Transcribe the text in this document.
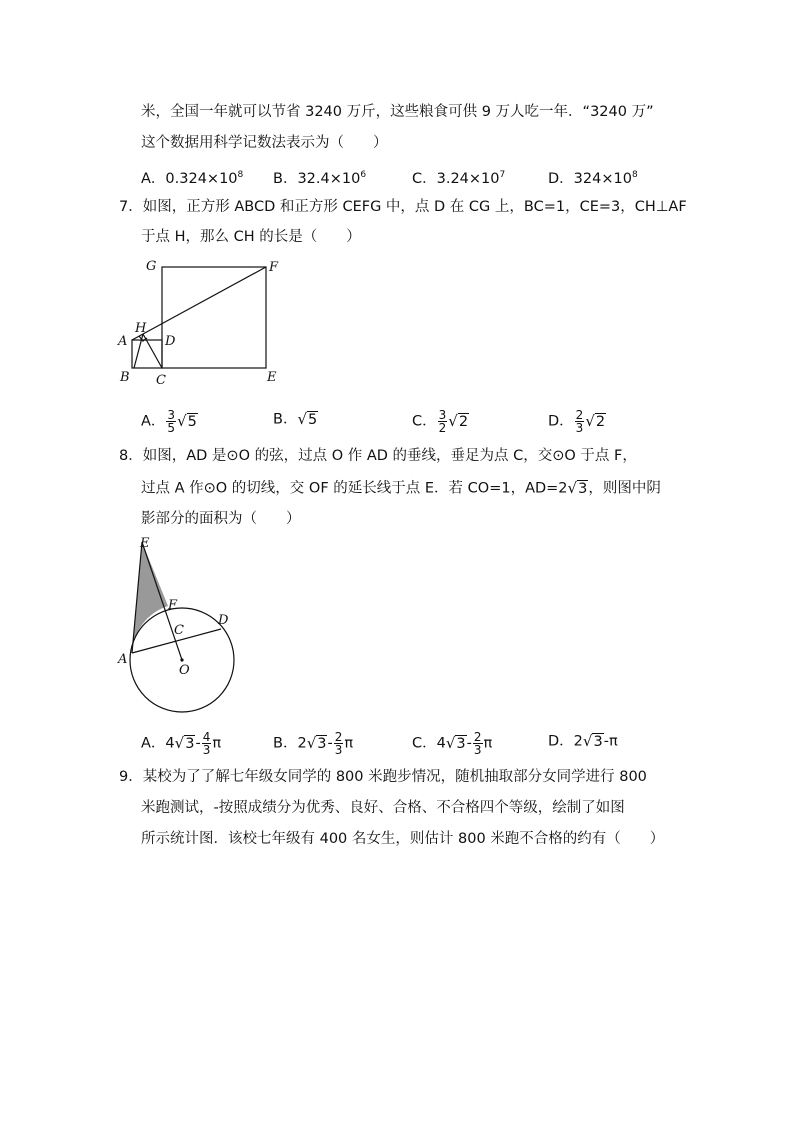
米，全国一年就可以节省 3240 万斤，这些粮食可供 9 万人吃一年．“3240 万”
这个数据用科学记数法表示为（　　）
A．$0.324\times 10^8$ B．$32.4\times 10^6$	C．$3.24\times 10^7$	D．$324\times 10^8$
7．如图，正方形 ABCD 和正方形 CEFG 中，点 D 在 CG 上，BC=1，CE=3，CH⊥AF
于点 H，那么 CH 的长是（　　）
G	F
H
A	D
B C	E
A． $\frac{3}{5} √5$	B．√5	C． $\frac{3}{2} √2$	D． $\frac{2}{3} √2$
8．如图，AD 是⊙O 的弦，过点 O 作 AD 的垂线，垂足为点 C，交⊙O 于点 F，
过点 A 作⊙O 的切线，交 OF 的延长线于点 E．若 CO=1，AD=2√3，则图中阴
影部分的面积为（　　）
E
F
D
C
A
O
A．$4√3- \frac{4}{3}$ π	B．$2√3- \frac{2}{3}$ π	C．$4√3- \frac{2}{3}$ π	D．2√3-π
9．某校为了了解七年级女同学的 800 米跑步情况，随机抽取部分女同学进行 800
米跑测试，-按照成绩分为优秀、良好、合格、不合格四个等级，绘制了如图
所示统计图．该校七年级有 400 名女生，则估计 800 米跑不合格的约有（　　）
